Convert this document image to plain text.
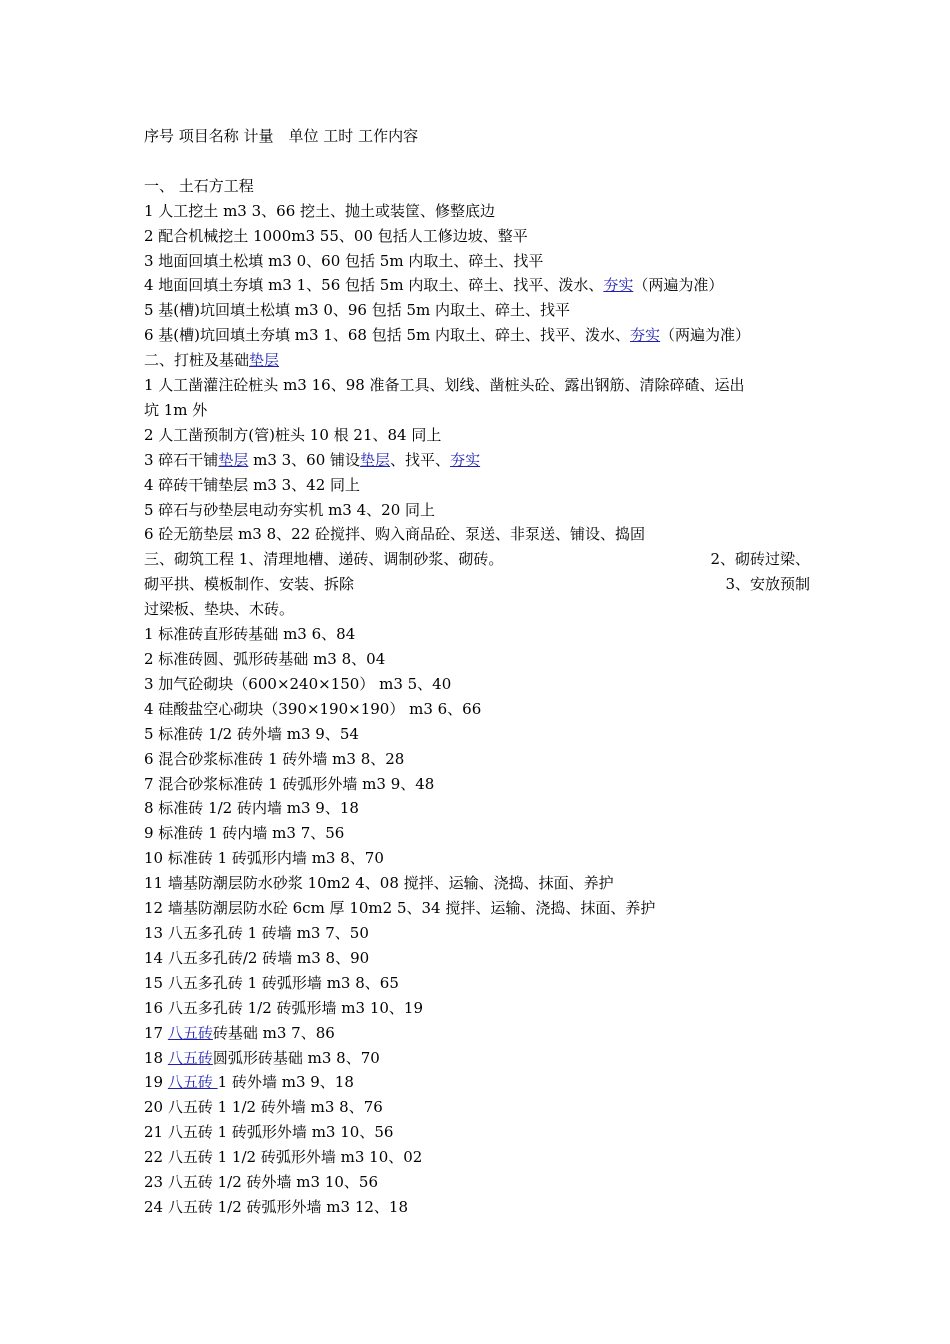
序号 项目名称 计量　单位 工时 工作内容
一、 土石方工程
1 人工挖土 m3 3、66 挖土、抛土或装筐、修整底边
2 配合机械挖土 1000m3 55、00 包括人工修边坡、整平
3 地面回填土松填 m3 0、60 包括 5m 内取土、碎土、找平
4 地面回填土夯填 m3 1、56 包括 5m 内取土、碎土、找平、泼水、夯实（两遍为准）
5 基(槽)坑回填土松填 m3 0、96 包括 5m 内取土、碎土、找平
6 基(槽)坑回填土夯填 m3 1、68 包括 5m 内取土、碎土、找平、泼水、夯实（两遍为准）
二、打桩及基础垫层
1 人工凿灌注砼桩头 m3 16、98 准备工具、划线、凿桩头砼、露出钢筋、清除碎碴、运出
坑 1m 外
2 人工凿预制方(管)桩头 10 根 21、84 同上
3 碎石干铺垫层 m3 3、60 铺设垫层、找平、夯实
4 碎砖干铺垫层 m3 3、42 同上
5 碎石与砂垫层电动夯实机 m3 4、20 同上
6 砼无筋垫层 m3 8、22 砼搅拌、购入商品砼、泵送、非泵送、铺设、捣固
三、砌筑工程 1、清理地槽、递砖、调制砂浆、砌砖。	2、砌砖过梁、
砌平拱、模板制作、安装、拆除	3、安放预制
过梁板、垫块、木砖。
1 标准砖直形砖基础 m3 6、84
2 标准砖圆、弧形砖基础 m3 8、04
3 加气砼砌块（600×240×150） m3 5、40
4 硅酸盐空心砌块（390×190×190） m3 6、66
5 标准砖 1/2 砖外墙 m3 9、54
6 混合砂浆标准砖 1 砖外墙 m3 8、28
7 混合砂浆标准砖 1 砖弧形外墙 m3 9、48
8 标准砖 1/2 砖内墙 m3 9、18
9 标准砖 1 砖内墙 m3 7、56
10 标准砖 1 砖弧形内墙 m3 8、70
11 墙基防潮层防水砂浆 10m2 4、08 搅拌、运输、浇捣、抹面、养护
12 墙基防潮层防水砼 6cm 厚 10m2 5、34 搅拌、运输、浇捣、抹面、养护
13 八五多孔砖 1 砖墙 m3 7、50
14 八五多孔砖/2 砖墙 m3 8、90
15 八五多孔砖 1 砖弧形墙 m3 8、65
16 八五多孔砖 1/2 砖弧形墙 m3 10、19
17 八五砖砖基础 m3 7、86
18 八五砖圆弧形砖基础 m3 8、70
19 八五砖 1 砖外墙 m3 9、18
20 八五砖 1 1/2 砖外墙 m3 8、76
21 八五砖 1 砖弧形外墙 m3 10、56
22 八五砖 1 1/2 砖弧形外墙 m3 10、02
23 八五砖 1/2 砖外墙 m3 10、56
24 八五砖 1/2 砖弧形外墙 m3 12、18
